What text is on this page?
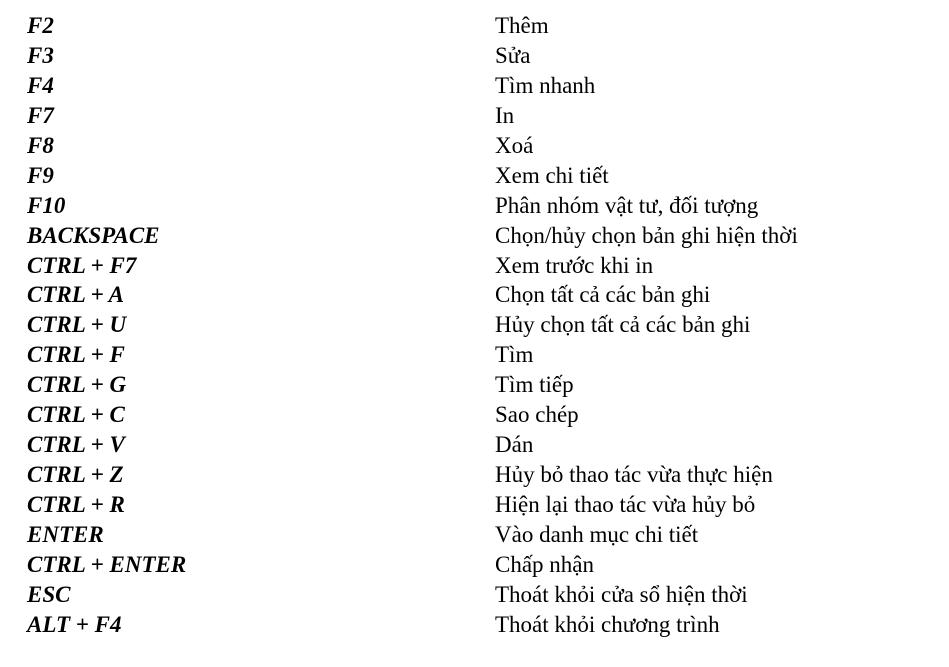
F2	Thêm
F3	Sửa
F4	Tìm nhanh
F7	In
F8	Xoá
F9	Xem chi tiết
F10	Phân nhóm vật tư, đối tượng
BACKSPACE	Chọn/hủy chọn bản ghi hiện thời
CTRL + F7	Xem trước khi in
CTRL + A	Chọn tất cả các bản ghi
CTRL + U	Hủy chọn tất cả các bản ghi
CTRL + F	Tìm
CTRL + G	Tìm tiếp
CTRL + C	Sao chép
CTRL + V	Dán
CTRL + Z	Hủy bỏ thao tác vừa thực hiện
CTRL + R	Hiện lại thao tác vừa hủy bỏ
ENTER	Vào danh mục chi tiết
CTRL + ENTER	Chấp nhận
ESC	Thoát khỏi cửa sổ hiện thời
ALT + F4	Thoát khỏi chương trình
